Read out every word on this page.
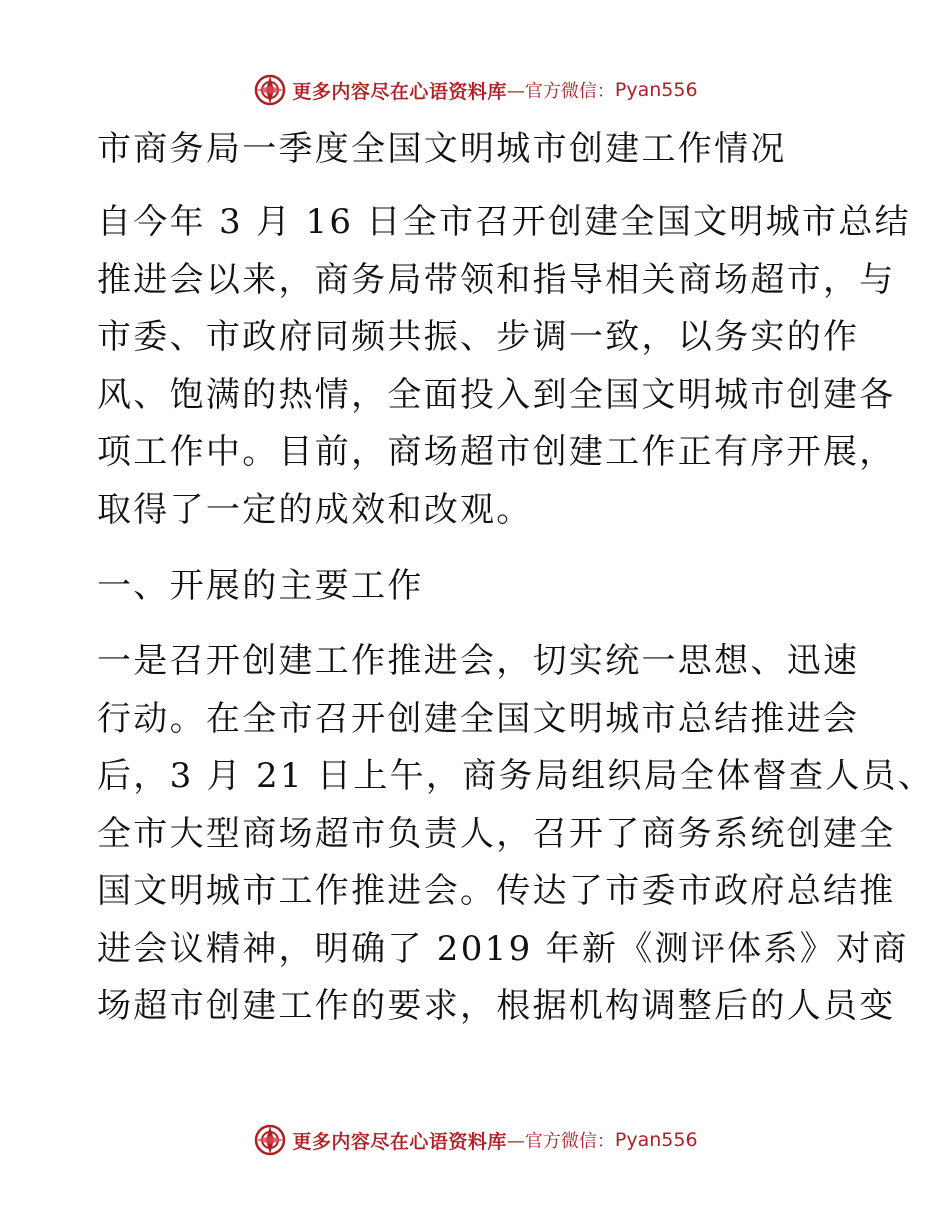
更多内容尽在心语资料库 —官方微信： Pyan556
市商务局一季度全国文明城市创建工作情况
自今年 3 月 16 日全市召开创建全国文明城市总结
推进会以来，商务局带领和指导相关商场超市，与
市委、市政府同频共振、步调一致，以务实的作
风、饱满的热情，全面投入到全国文明城市创建各
项工作中。目前，商场超市创建工作正有序开展，
取得了一定的成效和改观。
一、开展的主要工作
一是召开创建工作推进会，切实统一思想、迅速
行动。在全市召开创建全国文明城市总结推进会
后，3 月 21 日上午，商务局组织局全体督查人员、
全市大型商场超市负责人，召开了商务系统创建全
国文明城市工作推进会。传达了市委市政府总结推
进会议精神，明确了 2019 年新《测评体系》对商
场超市创建工作的要求，根据机构调整后的人员变
更多内容尽在心语资料库 —官方微信： Pyan556
